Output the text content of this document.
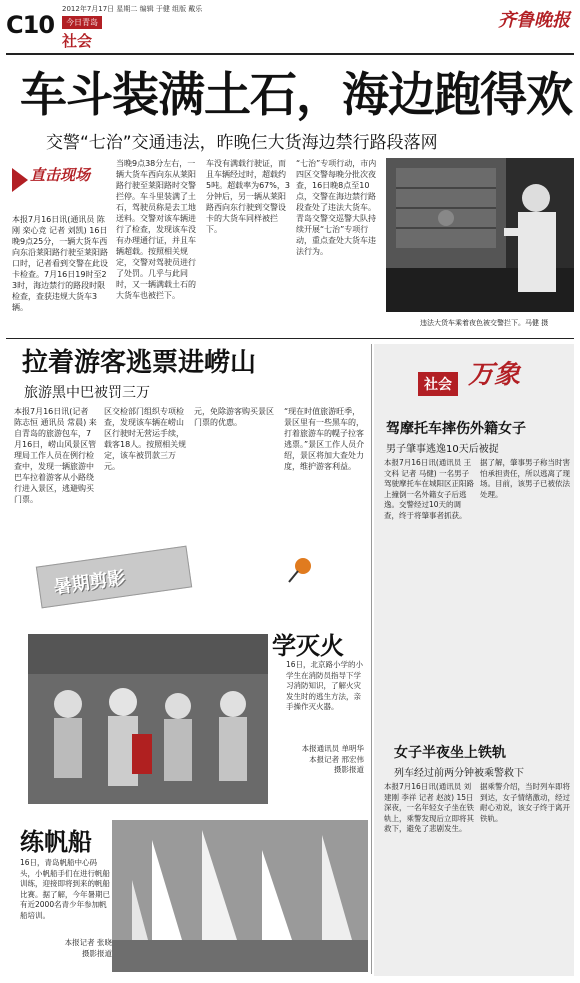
C10
2012年7月17日 星期二 编辑 于健 组版 戴乐
今日青岛
社会
齐鲁晚报
车斗装满土石，海边跑得欢
交警“七治”交通违法，昨晚仨大货海边禁行路段落网
直击现场
本报7月16日讯(通讯员 陈刚 栾心竞 记者 刘凯) 16日晚9点25分，一辆大货车西向东沿莱阳路行驶至莱阳路口时，记者看到交警在此设卡检查。7月16日19时至23时，海边禁行的路段时限检查，查获违规大货车3辆。
当晚9点38分左右，一辆大货车西向东从莱阳路行驶至莱阳路时交警拦停。车斗里装满了土石，驾驶员称是去工地送料。交警对该车辆进行了检查，发现该车没有办理通行证，并且车辆超载。按照相关规定，交警对驾驶员进行了处罚。几乎与此同时，又一辆满载土石的大货车也被拦下。
车没有满载行驶证，而且车辆经过时，超载约5吨。超载率为67%，3分钟后，另一辆从莱阳路西向东行驶到交警设卡的大货车同样被拦下。
“七治”专项行动，市内四区交警每晚分批次夜查，16日晚8点至10点，交警在海边禁行路段查处了违法大货车。青岛交警交巡警大队持续开展“七治”专项行动，重点查处大货车违法行为。
违法大货车乘着夜色被交警拦下。马健 摄
拉着游客逃票进崂山
旅游黑中巴被罚三万
本报7月16日讯(记者 陈志恒 通讯员 常晨) 来自青岛的旅游包车，7月16日，崂山风景区管理局工作人员在例行检查中，发现一辆旅游中巴车拉着游客从小路绕行进入景区，逃避购买门票。
区交检部门组织专项检查，发现该车辆在崂山区行驶时无营运手续，载客18人。按照相关规定，该车被罚款三万元。
元，免除游客购买景区门票的优惠。
“现在时值旅游旺季，景区里有一些黑车的，打着旅游车的幌子拉客逃票。”景区工作人员介绍，景区将加大查处力度，维护游客利益。
暑期剪影
学灭火
16日，北京路小学的小学生在消防员指导下学习消防知识，了解火灾发生时的逃生方法，亲手操作灭火器。
本报通讯员 单明华 本报记者 邢宏伟 摄影报道
练帆船
16日，青岛帆船中心码头，小帆船手们在进行帆船训练，迎接即将到来的帆船比赛。据了解，今年暑期已有近2000名青少年参加帆船培训。
本报记者 张晓 摄影报道
社会 万象
驾摩托车摔伤外籍女子
男子肇事逃逸10天后被捉
本报7月16日讯(通讯员 王文科 记者 马健) 一名男子驾驶摩托车在城阳区正阳路上撞倒一名外籍女子后逃逸。交警经过10天的调查，终于将肇事者抓获。
据了解，肇事男子称当时害怕承担责任，所以逃离了现场。目前，该男子已被依法处理。
女子半夜坐上铁轨
列车经过前两分钟被乘警救下
本报7月16日讯(通讯员 刘建刚 李祥 记者 赵波) 15日深夜，一名年轻女子坐在铁轨上，乘警发现后立即将其救下，避免了悲剧发生。
据乘警介绍，当时列车即将到达，女子情绪激动，经过耐心劝说，该女子终于离开铁轨。
